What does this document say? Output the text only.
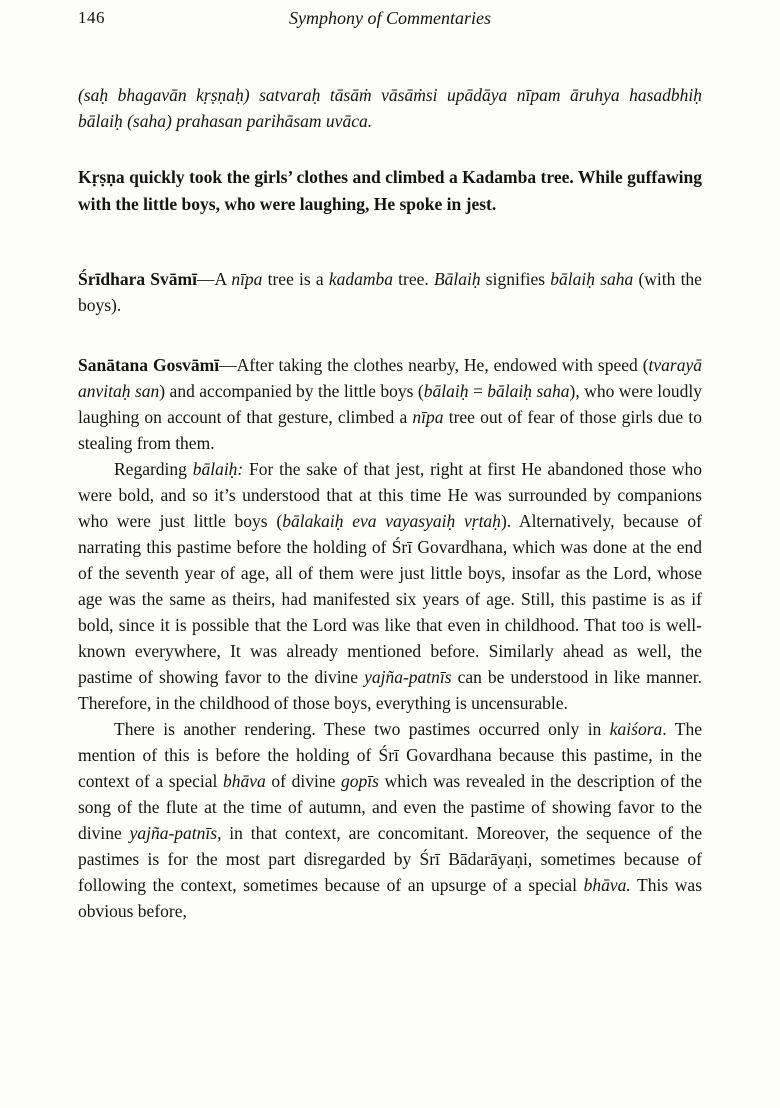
146	Symphony of Commentaries

(saḥ bhagavān kṛṣṇaḥ) satvaraḥ tāsāṁ vāsāṁsi upādāya nīpam āruhya hasadbhiḥ bālaiḥ (saha) prahasan parihāsam uvāca.

Kṛṣṇa quickly took the girls’ clothes and climbed a Kadamba tree. While guffawing with the little boys, who were laughing, He spoke in jest.

Śrīdhara Svāmī—A nīpa tree is a kadamba tree. Bālaiḥ signifies bālaiḥ saha (with the boys).

Sanātana Gosvāmī—After taking the clothes nearby, He, endowed with speed (tvarayā anvitaḥ san) and accompanied by the little boys (bālaiḥ = bālaiḥ saha), who were loudly laughing on account of that gesture, climbed a nīpa tree out of fear of those girls due to stealing from them.

Regarding bālaiḥ: For the sake of that jest, right at first He abandoned those who were bold, and so it’s understood that at this time He was surrounded by companions who were just little boys (bālakaiḥ eva vayasyaiḥ vṛtaḥ). Alternatively, because of narrating this pastime before the holding of Śrī Govardhana, which was done at the end of the seventh year of age, all of them were just little boys, insofar as the Lord, whose age was the same as theirs, had manifested six years of age. Still, this pastime is as if bold, since it is possible that the Lord was like that even in childhood. That too is well-known everywhere, It was already mentioned before. Similarly ahead as well, the pastime of showing favor to the divine yajña-patnīs can be understood in like manner. Therefore, in the childhood of those boys, everything is uncensurable.

There is another rendering. These two pastimes occurred only in kaiśora. The mention of this is before the holding of Śrī Govardhana because this pastime, in the context of a special bhāva of divine gopīs which was revealed in the description of the song of the flute at the time of autumn, and even the pastime of showing favor to the divine yajña-patnīs, in that context, are concomitant. Moreover, the sequence of the pastimes is for the most part disregarded by Śrī Bādarāyaṇi, sometimes because of following the context, sometimes because of an upsurge of a special bhāva. This was obvious before,
